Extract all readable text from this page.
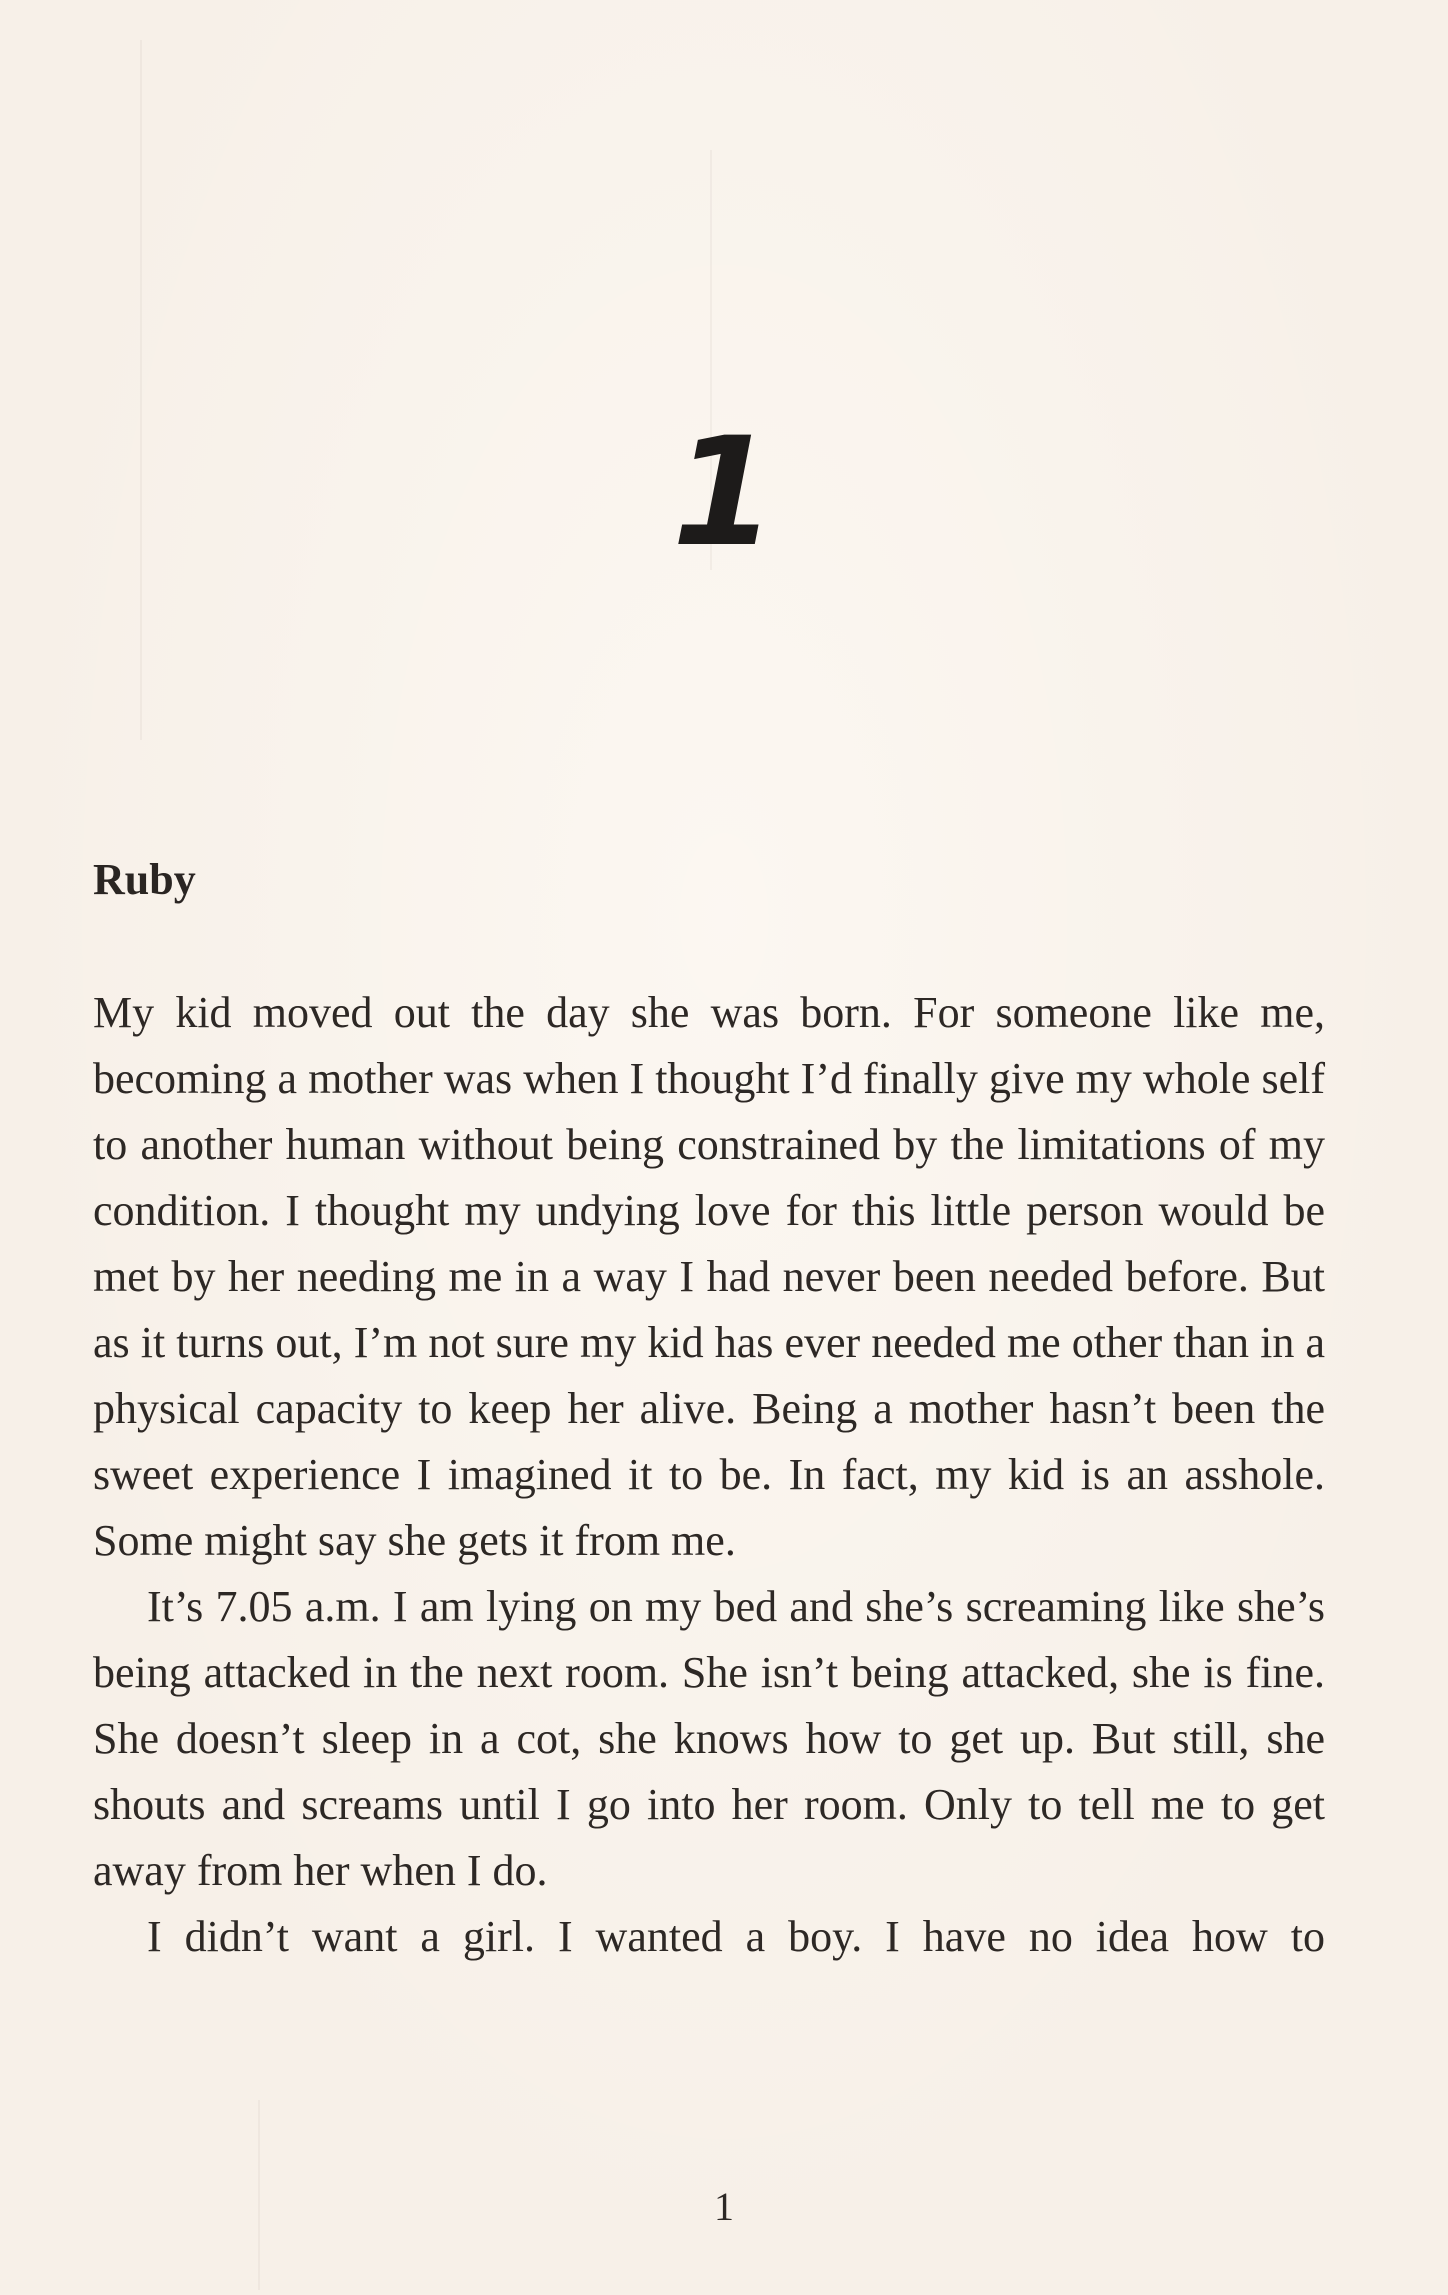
1
Ruby

My kid moved out the day she was born. For someone like me, becoming a mother was when I thought I’d finally give my whole self to another human without being constrained by the limitations of my condition. I thought my undying love for this little person would be met by her needing me in a way I had never been needed before. But as it turns out, I’m not sure my kid has ever needed me other than in a physical capacity to keep her alive. Being a mother hasn’t been the sweet experience I imagined it to be. In fact, my kid is an asshole. Some might say she gets it from me.

It’s 7.05 a.m. I am lying on my bed and she’s screaming like she’s being attacked in the next room. She isn’t being attacked, she is fine. She doesn’t sleep in a cot, she knows how to get up. But still, she shouts and screams until I go into her room. Only to tell me to get away from her when I do.

I didn’t want a girl. I wanted a boy. I have no idea how to

1
